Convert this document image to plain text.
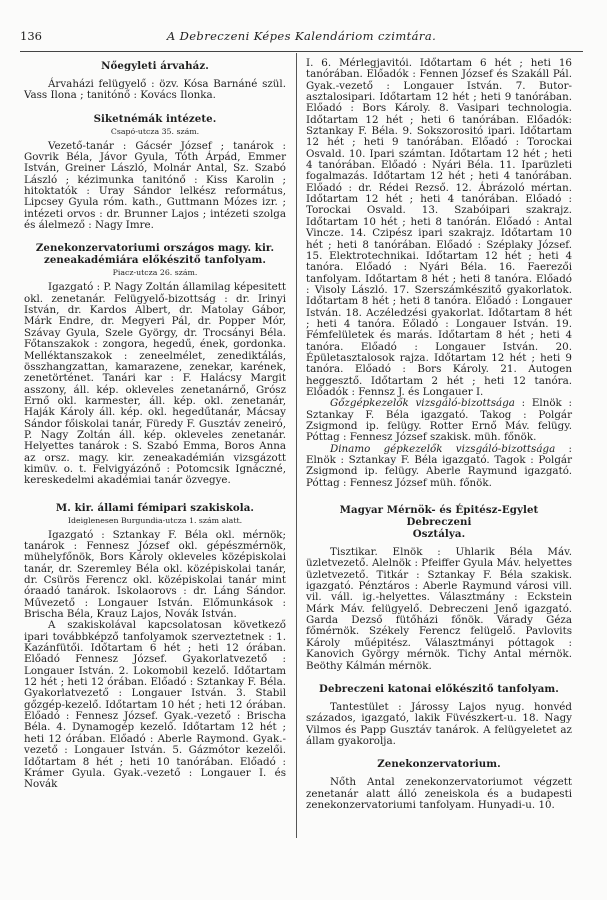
136	A Debreczeni Képes Kalendáriom czimtára.
Nőegyleti árvaház.

Árvaházi felügyelő : özv. Kósa Barnáné szül. Vass Ilona ; tanitónő : Kovács Ilonka.

Siketnémák intézete.
Csapó-utcza 35. szám.

Vezető-tanár : Gácsér József ; tanárok : Govrik Béla, Jávor Gyula, Tóth Árpád, Emmer István, Greiner László, Molnár Antal, Sz. Szabó László ; kézimunka tanitónő : Kiss Karolin ; hitoktatók : Uray Sándor lelkész református, Lipcsey Gyula róm. kath., Guttmann Mózes izr. ; intézeti orvos : dr. Brunner Lajos ; intézeti szolga és álelmező : Nagy Imre.

Zenekonzervatoriumi országos magy. kir.
zeneakadémiára előkészitő tanfolyam.
Piacz-utcza 26. szám.

Igazgató : P. Nagy Zoltán államilag képesitett okl. zenetanár. Felügyelő-bizottság : dr. Irinyi István, dr. Kardos Albert, dr. Matolay Gábor, Márk Endre, dr. Megyeri Pál, dr. Popper Mór, Szávay Gyula, Szele György, dr. Trocsányi Béla. Főtanszakok : zongora, hegedű, ének, gordonka. Melléktanszakok : zeneelmélet, zenediktálás, összhangzattan, kamarazene, zenekar, karének, zenetörténet. Tanári kar : F. Halácsy Margit asszony, áll. kép. okleveles zenetanárnő, Grósz Ernő okl. karmester, áll. kép. okl. zenetanár, Haják Károly áll. kép. okl. hegedűtanár, Mácsay Sándor főiskolai tanár, Füredy F. Gusztáv zeneiró, P. Nagy Zoltán áll. kép. okleveles zenetanár. Helyettes tanárok : S. Szabó Emma, Boros Anna az orsz. magy. kir. zeneakadémián vizsgázott kimüv. o. t. Felvigyázónő : Potomcsik Ignáczné, kereskedelmi akadémiai tanár özvegye.

M. kir. állami fémipari szakiskola.
Ideiglenesen Burgundia-utcza 1. szám alatt.

Igazgató : Sztankay F. Béla okl. mérnök; tanárok : Fennesz József okl. gépészmérnök, mühelyfőnök, Bors Károly okleveles középiskolai tanár, dr. Szeremley Béla okl. középiskolai tanár, dr. Csürös Ferencz okl. középiskolai tanár mint óraadó tanárok. Iskolaorovs : dr. Láng Sándor. Művezető : Longauer István. Előmunkások : Brischa Béla, Krauz Lajos, Novák István.

A szakiskolával kapcsolatosan következő ipari továbbképző tanfolyamok szerveztetnek : 1. Kazánfütői. Időtartam 6 hét ; heti 12 órában. Előadó Fennesz József. Gyakorlatvezető : Longauer István. 2. Lokomobil kezelő. Időtartam 12 hét ; heti 12 órában. Előadó : Sztankay F. Béla. Gyakorlatvezető : Longauer István. 3. Stabil gőzgép-kezelő. Időtartam 10 hét ; heti 12 órában. Előadó : Fennesz József. Gyak.-vezető : Brischa Béla. 4. Dynamogép kezelő. Időtartam 12 hét ; heti 12 órában. Előadó : Aberle Raymond. Gyak.-vezető : Longauer István. 5. Gázmótor kezelői. Időtartam 8 hét ; heti 10 tanórában. Előadó : Krámer Gyula. Gyak.-vezető : Longauer I. és Novák

I. 6. Mérlegjavitói. Időtartam 6 hét ; heti 16 tanórában. Előadók : Fennen József és Szakáll Pál. Gyak.-vezető : Longauer István. 7. Butor-asztalosipari. Időtartam 12 hét ; heti 9 tanórában. Előadó : Bors Károly. 8. Vasipari technologia. Időtartam 12 hét ; heti 6 tanórában. Előadók: Sztankay F. Béla. 9. Sokszorositó ipari. Időtartam 12 hét ; heti 9 tanórában. Előadó : Torockai Osvald. 10. Ipari számtan. Időtartam 12 hét ; heti 4 tanórában. Előadó : Nyári Béla. 11. Iparüzleti fogalmazás. Időtartam 12 hét ; heti 4 tanórában. Előadó : dr. Rédei Rezső. 12. Ábrázoló mértan. Időtartam 12 hét ; heti 4 tanórában. Előadó : Torockai Osvald. 13. Szabóipari szakrajz. Időtartam 10 hét ; heti 8 tanórán. Előadó : Antal Vincze. 14. Czipész ipari szakrajz. Időtartam 10 hét ; heti 8 tanórában. Előadó : Széplaky József. 15. Elektrotechnikai. Időtartam 12 hét ; heti 4 tanóra. Előadó : Nyári Béla. 16. Faerezői tanfolyam. Időtartam 8 hét ; heti 8 tanóra. Előadó : Visoly László. 17. Szerszámkészitő gyakorlatok. Időtartam 8 hét ; heti 8 tanóra. Előadó : Longauer István. 18. Aczéledzési gyakorlat. Időtartam 8 hét ; heti 4 tanóra. Eőladó : Longauer István. 19. Fémfelületek és marás. Időtartam 8 hét ; heti 4 tanóra. Előadó : Longauer István. 20. Épületasztalosok rajza. Időtartam 12 hét ; heti 9 tanóra. Előadó : Bors Károly. 21. Autogen heggesztő. Időtartam 2 hét ; heti 12 tanóra. Előadók : Fennsz J. és Longauer I.

Gőzgépkezelők vizsgáló-bizottsága : Elnök : Sztankay F. Béla igazgató. Takog : Polgár Zsigmond ip. felügy. Rotter Ernő Máv. felügy. Póttag : Fennesz József szakisk. müh. főnök.

Dinamo gépkezelők vizsgáló-bizottsága : Elnök : Sztankay F. Béla igazgató. Tagok : Polgár Zsigmond ip. felügy. Aberle Raymund igazgató. Póttag : Fennesz József müh. főnök.

Magyar Mérnök- és Épitész-Egylet Debreczeni
Osztálya.

Tisztikar. Elnök : Uhlarik Béla Máv. üzletvezető. Alelnök : Pfeiffer Gyula Máv. helyettes üzletvezető. Titkár : Sztankay F. Béla szakisk. igazgató. Pénztáros : Aberle Raymund városi vill. vil. váll. ig.-helyettes. Választmány : Eckstein Márk Máv. felügyelő. Debreczeni Jenő igazgató. Garda Dezső fütőházi főnök. Várady Géza főmérnök. Székely Ferencz felügelő. Pavlovits Károly műépitész. Választmányi póttagok : Kanovich György mérnök. Tichy Antal mérnök. Beöthy Kálmán mérnök.

Debreczeni katonai előkészitő tanfolyam.

Tantestület : Járossy Lajos nyug. honvéd százados, igazgató, lakik Füvészkert-u. 18. Nagy Vilmos és Papp Gusztáv tanárok. A felügyeletet az állam gyakorolja.

Zenekonzervatorium.

Nőth Antal zenekonzervatoriumot végzett zenetanár alatt álló zeneiskola és a budapesti zenekonzervatoriumi tanfolyam. Hunyadi-u. 10.
